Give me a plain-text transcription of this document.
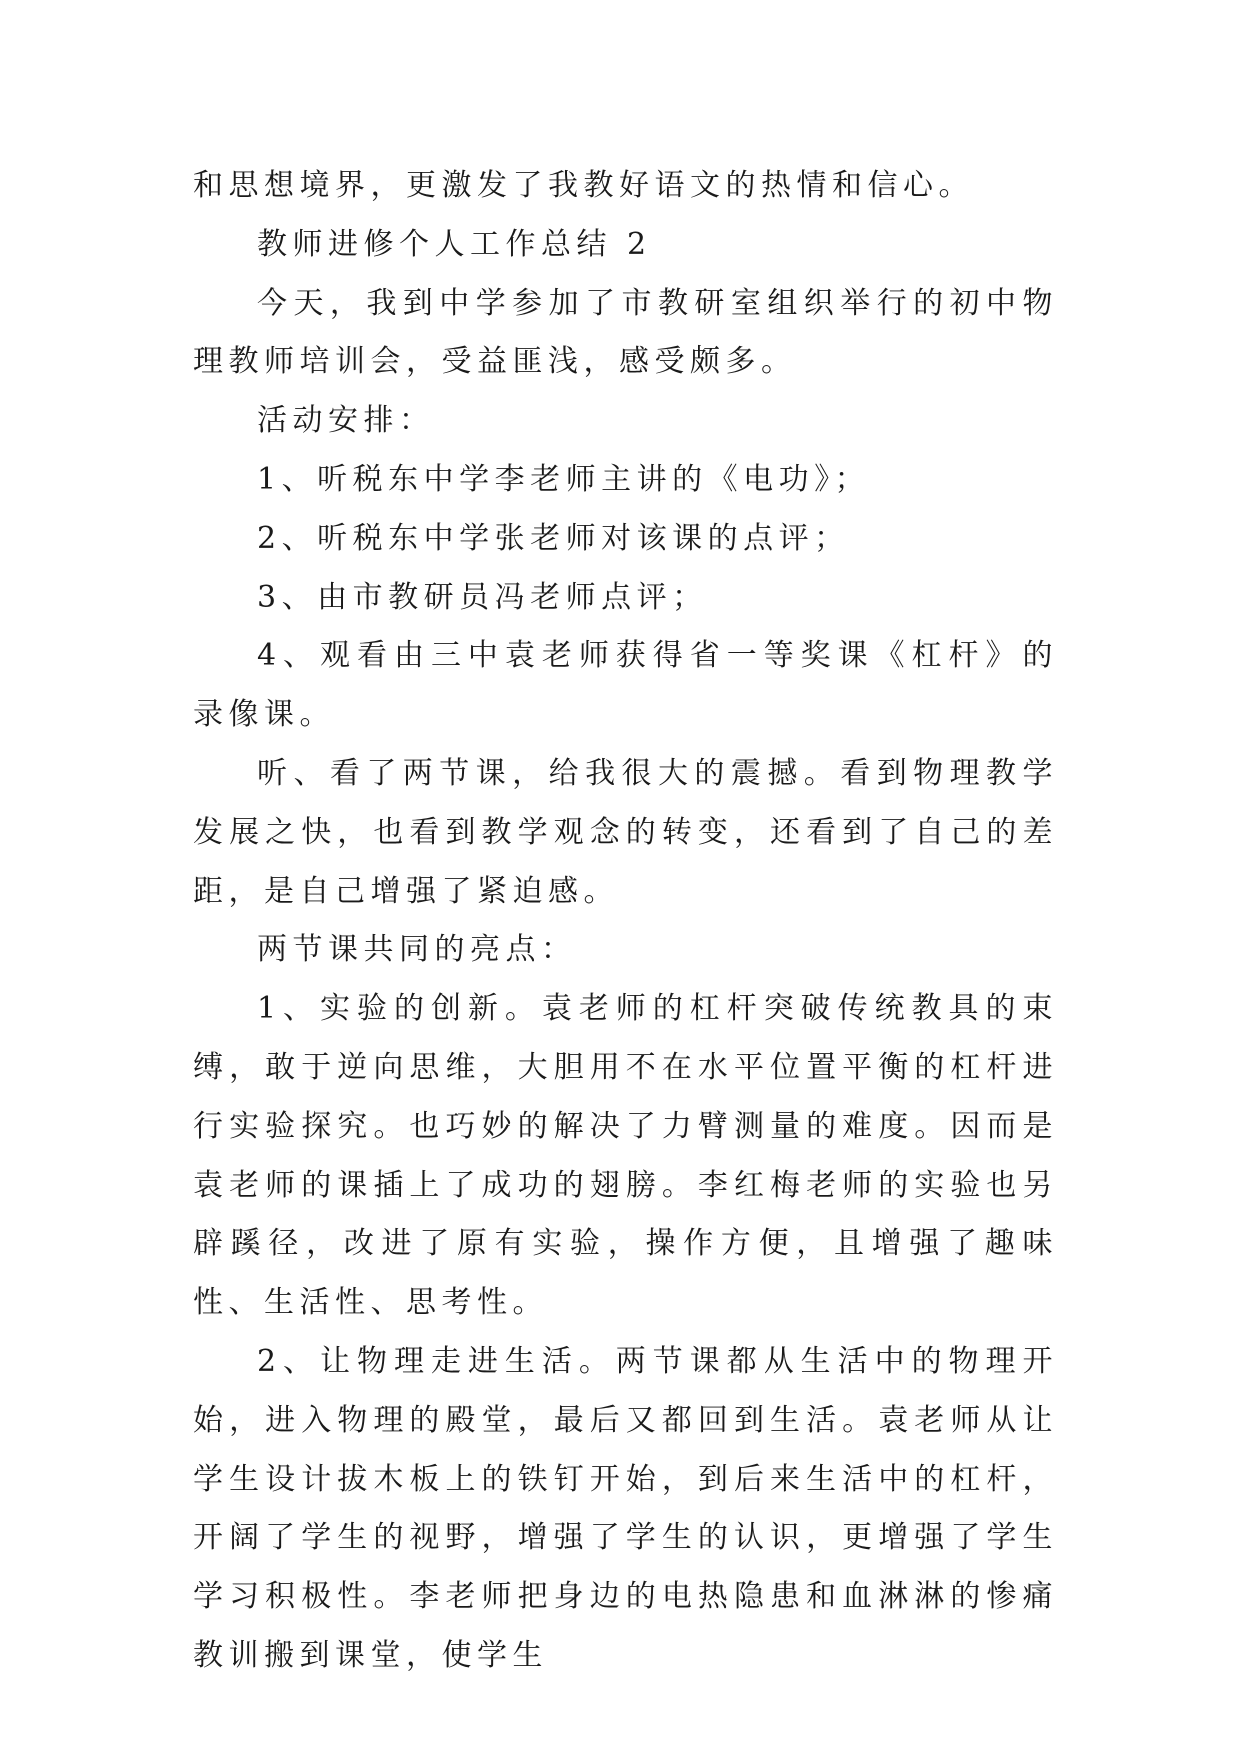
和思想境界，更激发了我教好语文的热情和信心。

教师进修个人工作总结 2

今天，我到中学参加了市教研室组织举行的初中物理教师培训会，受益匪浅，感受颇多。

活动安排：

1、听税东中学李老师主讲的《电功》；

2、听税东中学张老师对该课的点评；

3、由市教研员冯老师点评；

4、观看由三中袁老师获得省一等奖课《杠杆》的录像课。

听、看了两节课，给我很大的震撼。看到物理教学发展之快，也看到教学观念的转变，还看到了自己的差距，是自己增强了紧迫感。

两节课共同的亮点：

1、实验的创新。袁老师的杠杆突破传统教具的束缚，敢于逆向思维，大胆用不在水平位置平衡的杠杆进行实验探究。也巧妙的解决了力臂测量的难度。因而是袁老师的课插上了成功的翅膀。李红梅老师的实验也另辟蹊径，改进了原有实验，操作方便，且增强了趣味性、生活性、思考性。

2、让物理走进生活。两节课都从生活中的物理开始，进入物理的殿堂，最后又都回到生活。袁老师从让学生设计拔木板上的铁钉开始，到后来生活中的杠杆，开阔了学生的视野，增强了学生的认识，更增强了学生学习积极性。李老师把身边的电热隐患和血淋淋的惨痛教训搬到课堂，使学生
